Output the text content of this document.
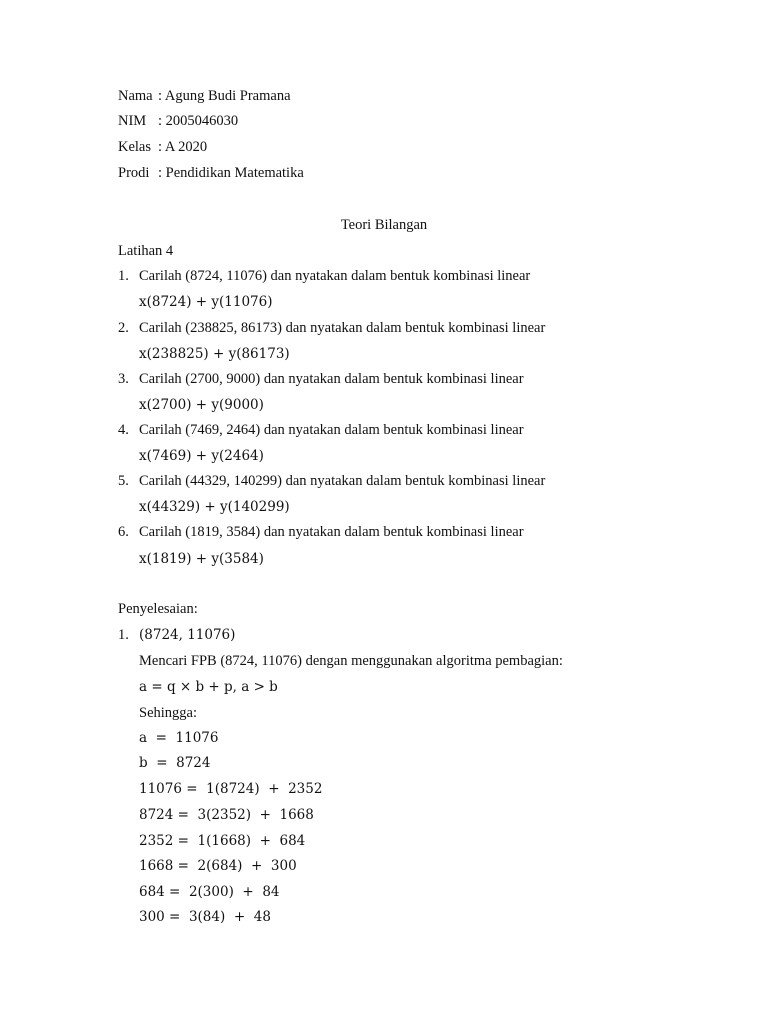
Nama : Agung Budi Pramana
NIM : 2005046030
Kelas : A 2020
Prodi : Pendidikan Matematika
Teori Bilangan
Latihan 4
1. Carilah (8724, 11076) dan nyatakan dalam bentuk kombinasi linear
x(8724) + y(11076)
2. Carilah (238825, 86173) dan nyatakan dalam bentuk kombinasi linear
x(238825) + y(86173)
3. Carilah (2700, 9000) dan nyatakan dalam bentuk kombinasi linear
x(2700) + y(9000)
4. Carilah (7469, 2464) dan nyatakan dalam bentuk kombinasi linear
x(7469) + y(2464)
5. Carilah (44329, 140299) dan nyatakan dalam bentuk kombinasi linear
x(44329) + y(140299)
6. Carilah (1819, 3584) dan nyatakan dalam bentuk kombinasi linear
x(1819) + y(3584)
Penyelesaian:
1. (8724, 11076)
Mencari FPB (8724, 11076) dengan menggunakan algoritma pembagian:
a = q × b + p, a > b
Sehingga:
a  =  11076
b  =  8724
11076 =  1(8724)  +  2352
8724 =  3(2352)  +  1668
2352 =  1(1668)  +  684
1668 =  2(684)  +  300
684 =  2(300)  +  84
300 =  3(84)  +  48
